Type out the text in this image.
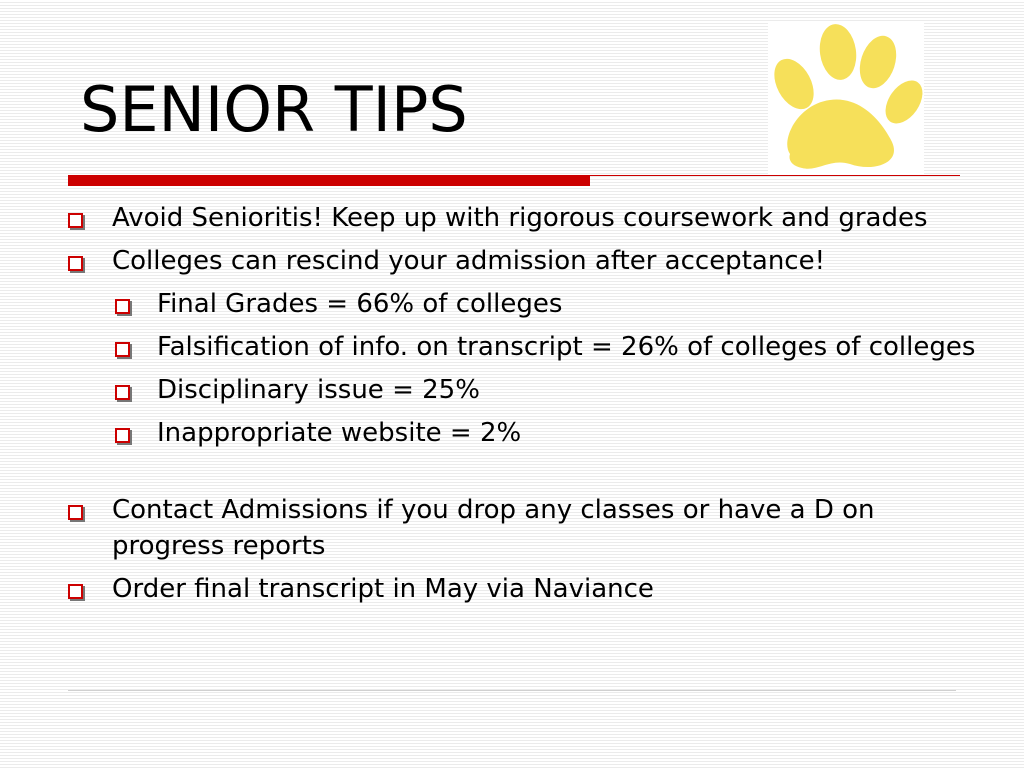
SENIOR TIPS
Avoid Senioritis! Keep up with rigorous coursework and grades
Colleges can rescind your admission after acceptance!
Final Grades = 66% of colleges
Falsification of info. on transcript = 26% of colleges of colleges
Disciplinary issue = 25%
Inappropriate website = 2%
Contact Admissions if you drop any classes or have a D on progress reports
Order final transcript in May via Naviance
